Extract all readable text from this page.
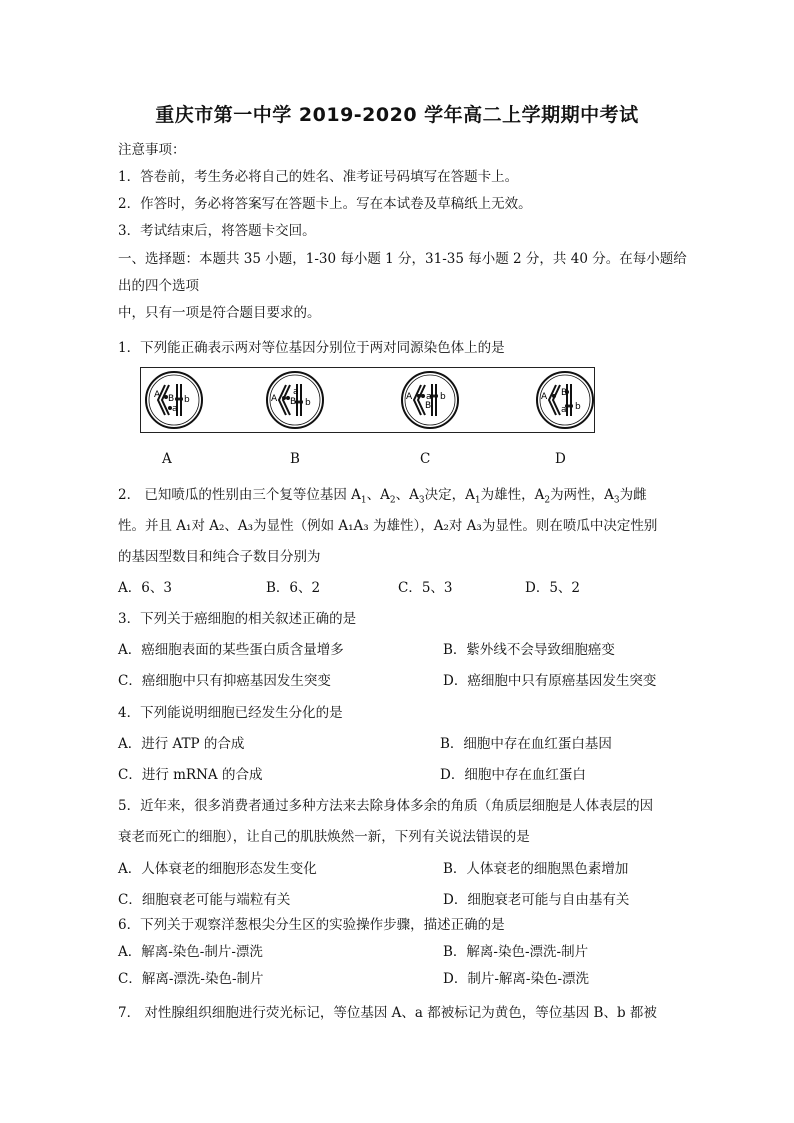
重庆市第一中学 2019-2020 学年高二上学期期中考试
注意事项：
1．答卷前，考生务必将自己的姓名、准考证号码填写在答题卡上。
2．作答时，务必将答案写在答题卡上。写在本试卷及草稿纸上无效。
3．考试结束后，将答题卡交回。
一、选择题：本题共 35 小题，1-30 每小题 1 分，31-35 每小题 2 分，共 40 分。在每小题给
出的四个选项
中，只有一项是符合题目要求的。
1．下列能正确表示两对等位基因分别位于两对同源染色体上的是
A
a
B b	A
a
B b
A a
B
b	A
a
B
b
A	B	C	D
2． 已知喷瓜的性别由三个复等位基因 $A_1$、$A_2$、$A_3$决定，$A_1$为雄性，$A_2$为两性，$A_3$为雌
性。并且 A₁对 A₂、A₃为显性（例如 A₁A₃ 为雄性），A₂对 A₃为显性。则在喷瓜中决定性别
的基因型数目和纯合子数目分别为
A．6、3	B．6、2	C．5、3	D．5、2
3．下列关于癌细胞的相关叙述正确的是
A．癌细胞表面的某些蛋白质含量增多	B．紫外线不会导致细胞癌变
C．癌细胞中只有抑癌基因发生突变	D．癌细胞中只有原癌基因发生突变
4．下列能说明细胞已经发生分化的是
A．进行 ATP 的合成	B．细胞中存在血红蛋白基因
C．进行 mRNA 的合成	D．细胞中存在血红蛋白
5．近年来，很多消费者通过多种方法来去除身体多余的角质（角质层细胞是人体表层的因
衰老而死亡的细胞），让自己的肌肤焕然一新，下列有关说法错误的是
A．人体衰老的细胞形态发生变化	B．人体衰老的细胞黑色素增加
C．细胞衰老可能与端粒有关	D．细胞衰老可能与自由基有关
6．下列关于观察洋葱根尖分生区的实验操作步骤，描述正确的是
A．解离-染色-制片-漂洗	B．解离-染色-漂洗-制片
C．解离-漂洗-染色-制片	D．制片-解离-染色-漂洗
7． 对性腺组织细胞进行荧光标记，等位基因 A、a 都被标记为黄色，等位基因 B、b 都被
